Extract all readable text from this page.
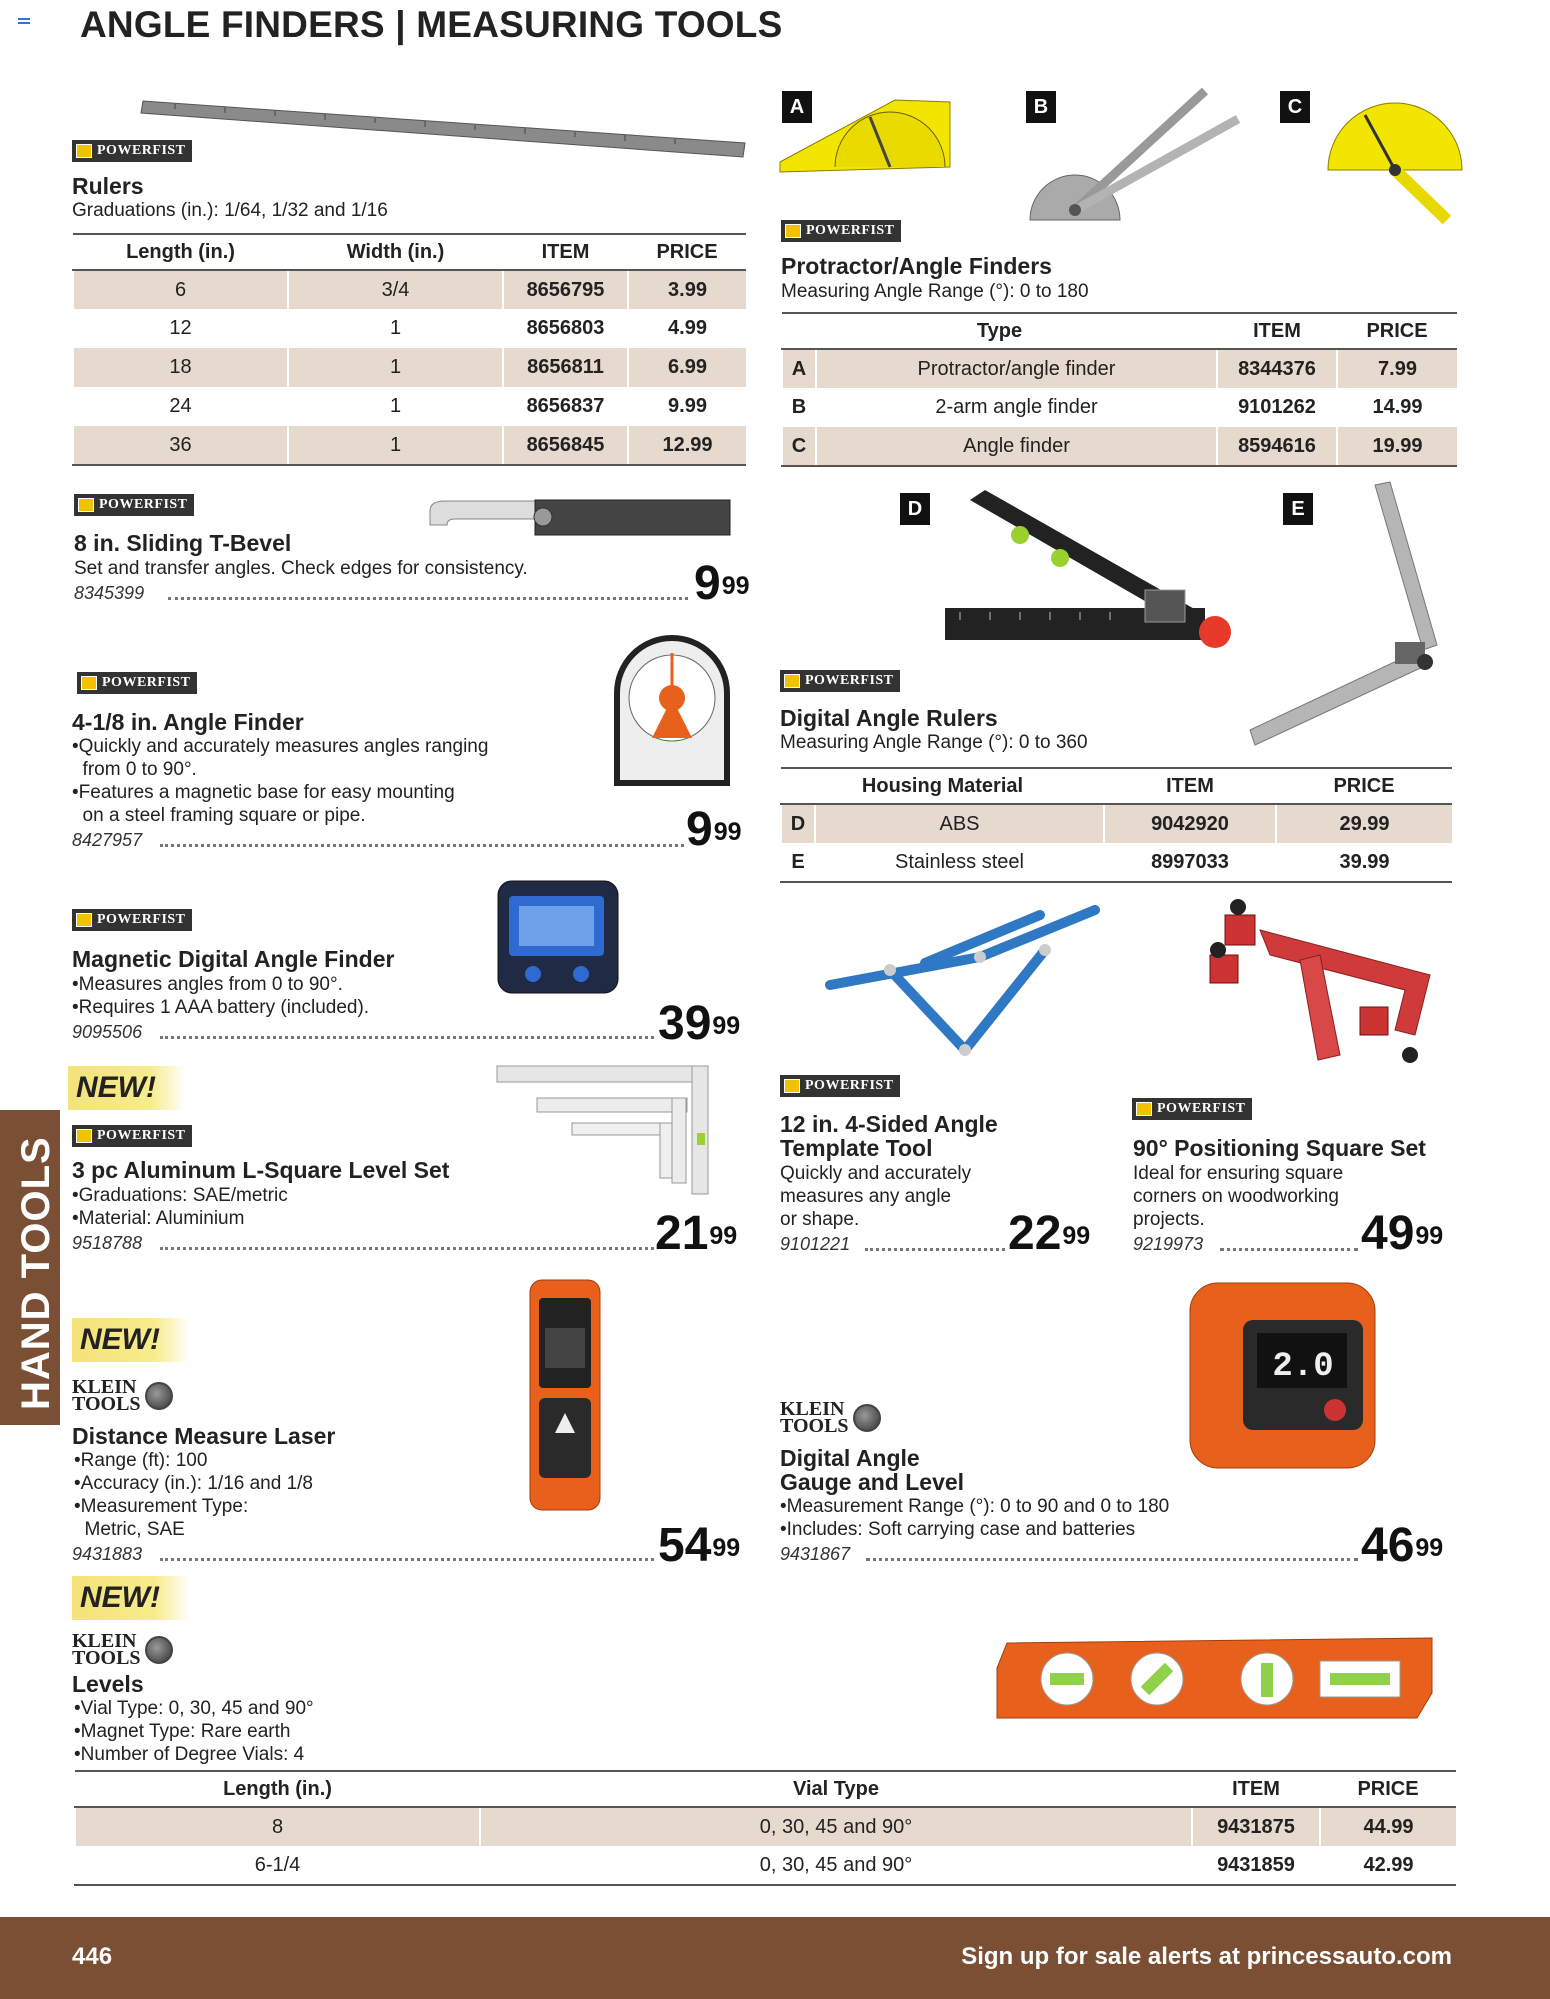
ANGLE FINDERS | MEASURING TOOLS
POWERFIST
Rulers
Graduations (in.): 1/64, 1/32 and 1/16
Length (in.)	Width (in.)	ITEM	PRICE
6	3/4	8656795	3.99
12	1	8656803	4.99
18	1	8656811	6.99
24	1	8656837	9.99
36	1	8656845	12.99
A	B	C
POWERFIST
Protractor/Angle Finders
Measuring Angle Range (°): 0 to 180
Type		ITEM	PRICE
A	Protractor/angle finder	8344376	7.99
B	2-arm angle finder	9101262	14.99
C	Angle finder	8594616	19.99
POWERFIST
8 in. Sliding T-Bevel
Set and transfer angles. Check edges for consistency.
8345399	$9^{99}$
POWERFIST
4-1/8 in. Angle Finder
•Quickly and accurately measures angles ranging
from 0 to 90°.
•Features a magnetic base for easy mounting
on a steel framing square or pipe.
8427957	$9^{99}$
D	E
POWERFIST
Digital Angle Rulers
Measuring Angle Range (°): 0 to 360
Housing Material		ITEM	PRICE
D	ABS	9042920	29.99
E	Stainless steel	8997033	39.99
POWERFIST
Magnetic Digital Angle Finder
•Measures angles from 0 to 90°.
•Requires 1 AAA battery (included).
9095506	$39^{99}$
NEW!
POWERFIST
3 pc Aluminum L-Square Level Set
•Graduations: SAE/metric
•Material: Aluminium
9518788	$21^{99}$
POWERFIST
12 in. 4-Sided Angle
Template Tool
Quickly and accurately
measures any angle
or shape.
9101221	$22^{99}$
POWERFIST
90° Positioning Square Set
Ideal for ensuring square
corners on woodworking
projects.
9219973	$49^{99}$
HAND TOOLS NEW!
KLEIN
TOOLS
Distance Measure Laser
•Range (ft): 100
•Accuracy (in.): 1/16 and 1/8
•Measurement Type:
Metric, SAE
9431883	$54^{99}$
2.0
KLEIN
TOOLS
Digital Angle
Gauge and Level
•Measurement Range (°): 0 to 90 and 0 to 180
•Includes: Soft carrying case and batteries
9431867	$46^{99}$
NEW!
KLEIN
TOOLS
Levels
•Vial Type: 0, 30, 45 and 90°
•Magnet Type: Rare earth
•Number of Degree Vials: 4
Length (in.)	Vial Type	ITEM	PRICE
8	0, 30, 45 and 90°	9431875	44.99
6-1/4	0, 30, 45 and 90°	9431859	42.99
446	Sign up for sale alerts at princessauto.com
